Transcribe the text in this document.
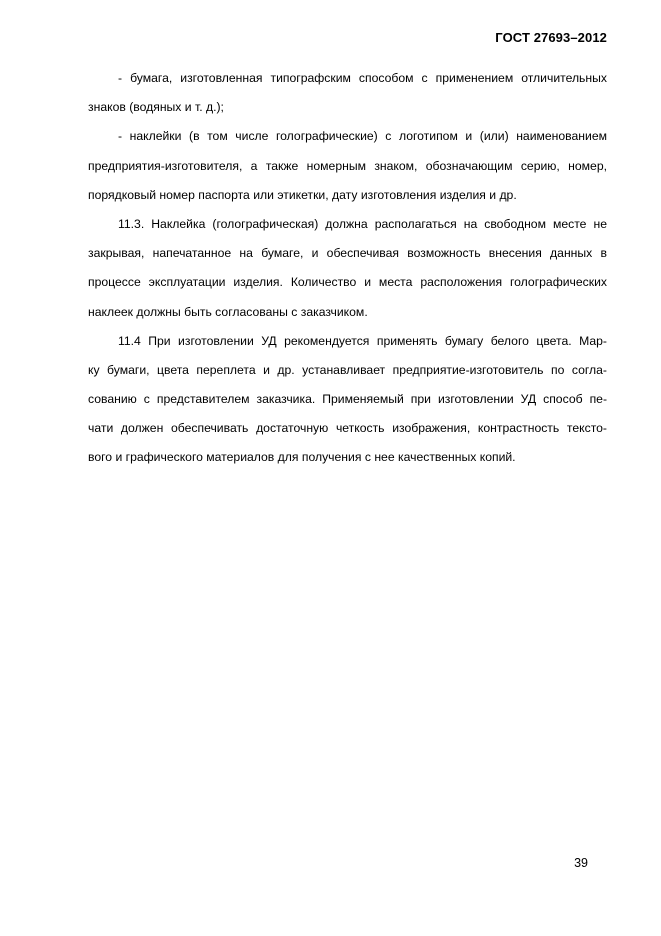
ГОСТ 27693–2012
- бумага, изготовленная типографским способом с применением отличительных
знаков (водяных и т. д.);
- наклейки (в том числе голографические) с логотипом и (или) наименованием
предприятия-изготовителя, а также номерным знаком, обозначающим серию, номер,
порядковый номер паспорта или этикетки, дату изготовления изделия и др.
11.3. Наклейка (голографическая) должна располагаться на свободном месте не
закрывая, напечатанное на бумаге, и обеспечивая возможность внесения данных в
процессе эксплуатации изделия. Количество и места расположения голографических
наклеек должны быть согласованы с заказчиком.
11.4 При изготовлении УД рекомендуется применять бумагу белого цвета. Мар-
ку бумаги, цвета переплета и др. устанавливает предприятие-изготовитель по согла-
сованию с представителем заказчика. Применяемый при изготовлении УД способ пе-
чати должен обеспечивать достаточную четкость изображения, контрастность тексто-
вого и графического материалов для получения с нее качественных копий.
39
